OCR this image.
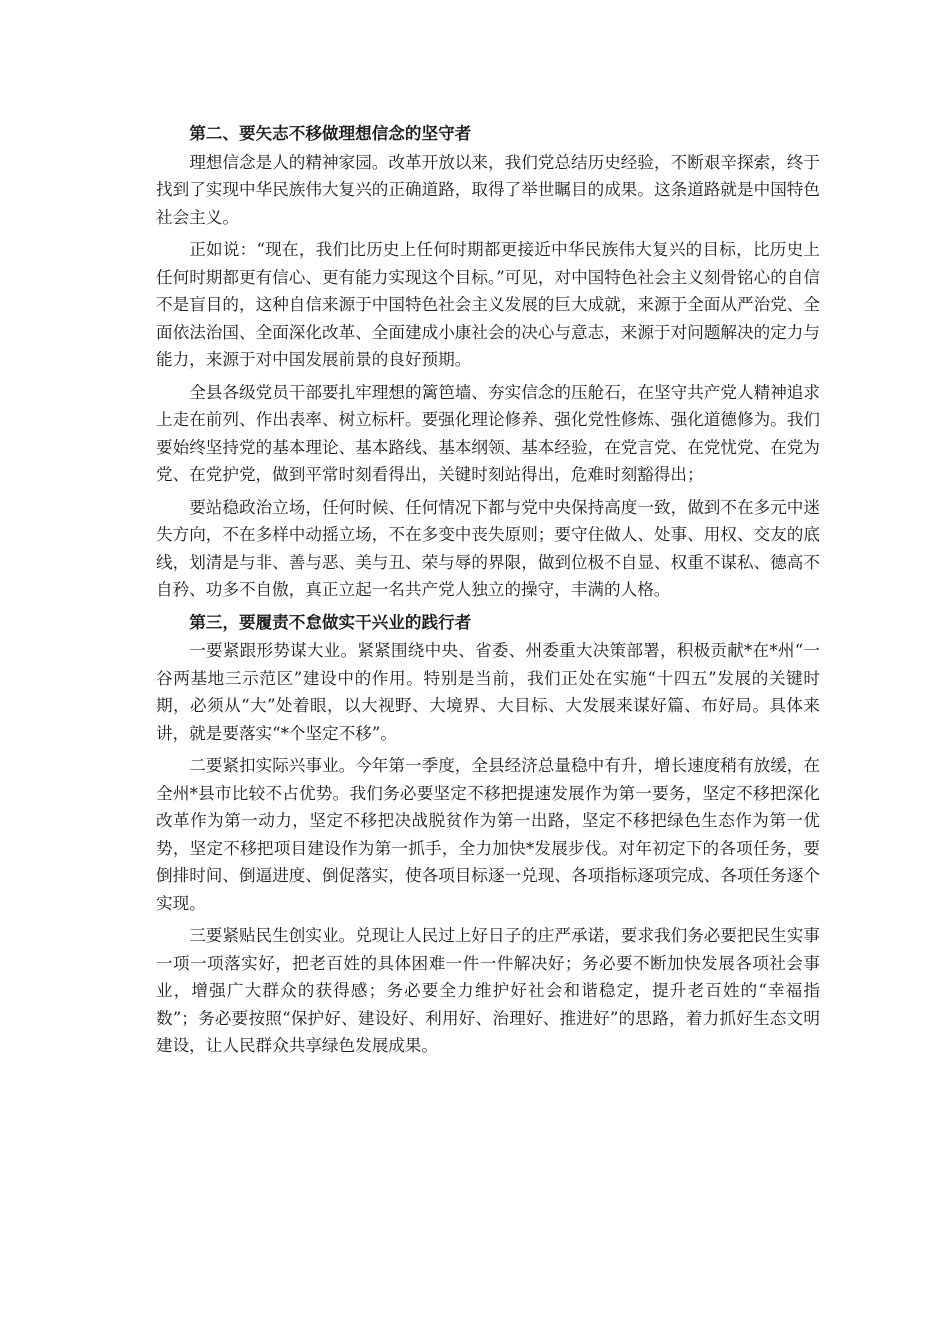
第二、要矢志不移做理想信念的坚守者

理想信念是人的精神家园。改革开放以来，我们党总结历史经验，不断艰辛探索，终于找到了实现中华民族伟大复兴的正确道路，取得了举世瞩目的成果。这条道路就是中国特色社会主义。

正如说：“现在，我们比历史上任何时期都更接近中华民族伟大复兴的目标，比历史上任何时期都更有信心、更有能力实现这个目标。”可见，对中国特色社会主义刻骨铭心的自信不是盲目的，这种自信来源于中国特色社会主义发展的巨大成就，来源于全面从严治党、全面依法治国、全面深化改革、全面建成小康社会的决心与意志，来源于对问题解决的定力与能力，来源于对中国发展前景的良好预期。

全县各级党员干部要扎牢理想的篱笆墙、夯实信念的压舱石，在坚守共产党人精神追求上走在前列、作出表率、树立标杆。要强化理论修养、强化党性修炼、强化道德修为。我们要始终坚持党的基本理论、基本路线、基本纲领、基本经验，在党言党、在党忧党、在党为党、在党护党，做到平常时刻看得出，关键时刻站得出，危难时刻豁得出；

要站稳政治立场，任何时候、任何情况下都与党中央保持高度一致，做到不在多元中迷失方向，不在多样中动摇立场，不在多变中丧失原则；要守住做人、处事、用权、交友的底线，划清是与非、善与恶、美与丑、荣与辱的界限，做到位极不自显、权重不谋私、德高不自矜、功多不自傲，真正立起一名共产党人独立的操守，丰满的人格。

第三，要履责不怠做实干兴业的践行者

一要紧跟形势谋大业。紧紧围绕中央、省委、州委重大决策部署，积极贡献*在*州“一谷两基地三示范区”建设中的作用。特别是当前，我们正处在实施“十四五”发展的关键时期，必须从“大”处着眼，以大视野、大境界、大目标、大发展来谋好篇、布好局。具体来讲，就是要落实“*个坚定不移”。

二要紧扣实际兴事业。今年第一季度，全县经济总量稳中有升，增长速度稍有放缓，在全州*县市比较不占优势。我们务必要坚定不移把提速发展作为第一要务，坚定不移把深化改革作为第一动力，坚定不移把决战脱贫作为第一出路，坚定不移把绿色生态作为第一优势，坚定不移把项目建设作为第一抓手，全力加快*发展步伐。对年初定下的各项任务，要倒排时间、倒逼进度、倒促落实，使各项目标逐一兑现、各项指标逐项完成、各项任务逐个实现。

三要紧贴民生创实业。兑现让人民过上好日子的庄严承诺，要求我们务必要把民生实事一项一项落实好，把老百姓的具体困难一件一件解决好；务必要不断加快发展各项社会事业，增强广大群众的获得感；务必要全力维护好社会和谐稳定，提升老百姓的“幸福指数”；务必要按照“保护好、建设好、利用好、治理好、推进好”的思路，着力抓好生态文明建设，让人民群众共享绿色发展成果。
